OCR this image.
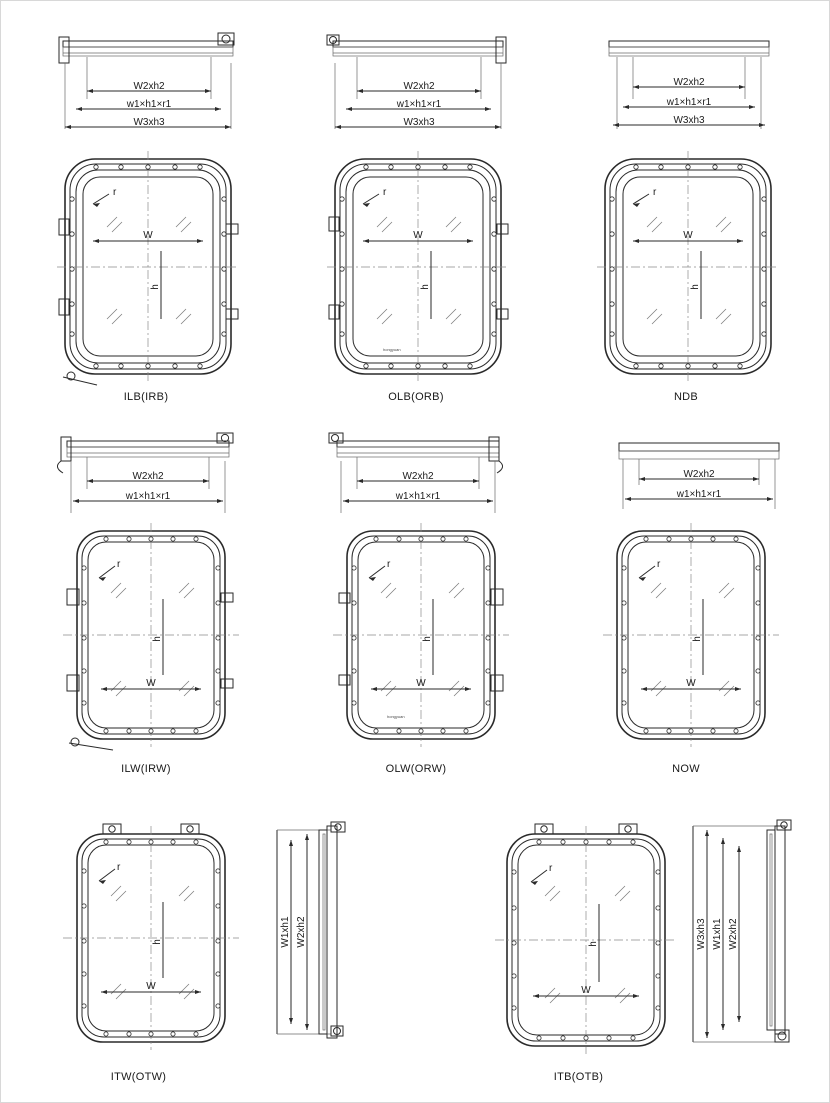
W2xh2
w1×h1×r1
W3xh3
W
h
r
ILB(IRB)
W2xh2
w1×h1×r1
W3xh3
W
h
r
hongyuan
OLB(ORB)
W2xh2
w1×h1×r1
W3xh3
W
h
r
NDB
W2xh2
w1×h1×r1
W
h
r
ILW(IRW)
W2xh2
w1×h1×r1
W
h
r
hongyuan
OLW(ORW)
W2xh2
w1×h1×r1
W
h
r
NOW
W
h
r
W1xh1 W2xh2
ITW(OTW)
W
h
r
W3xh3 W1xh1 W2xh2
ITB(OTB)
